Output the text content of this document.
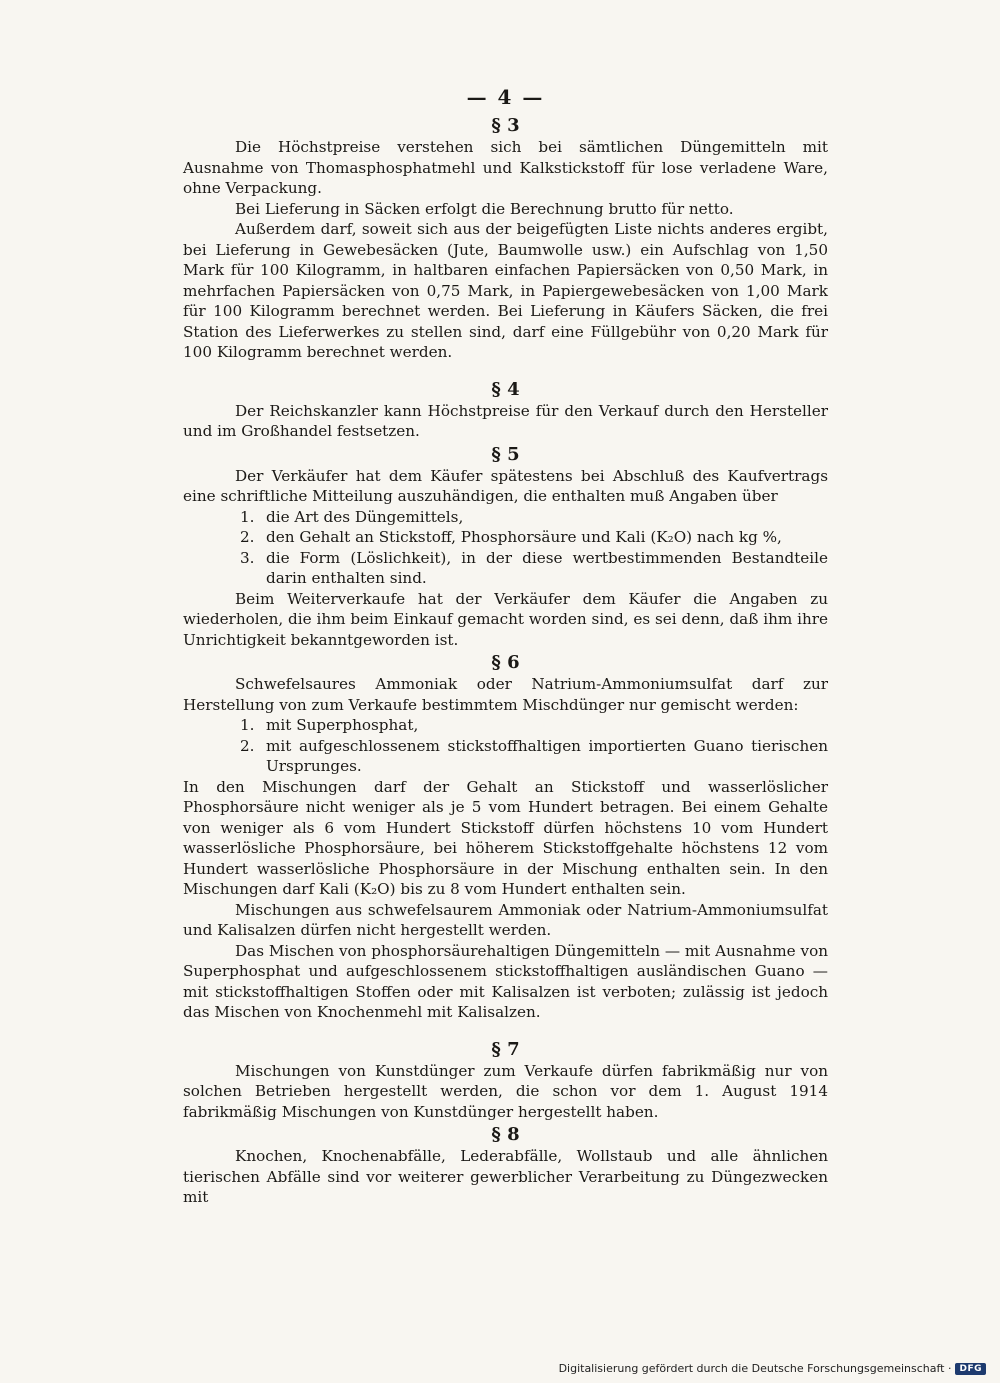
— 4 —
§ 3

Die Höchstpreise verstehen sich bei sämtlichen Düngemitteln mit Ausnahme von Thomasphosphatmehl und Kalkstickstoff für lose verladene Ware, ohne Verpackung.

Bei Lieferung in Säcken erfolgt die Berechnung brutto für netto.

Außerdem darf, soweit sich aus der beigefügten Liste nichts anderes ergibt, bei Lieferung in Gewebesäcken (Jute, Baumwolle usw.) ein Aufschlag von 1,50 Mark für 100 Kilogramm, in haltbaren einfachen Papiersäcken von 0,50 Mark, in mehrfachen Papiersäcken von 0,75 Mark, in Papiergewebesäcken von 1,00 Mark für 100 Kilogramm berechnet werden. Bei Lieferung in Käufers Säcken, die frei Station des Lieferwerkes zu stellen sind, darf eine Füllgebühr von 0,20 Mark für 100 Kilogramm berechnet werden.

§ 4

Der Reichskanzler kann Höchstpreise für den Verkauf durch den Hersteller und im Großhandel festsetzen.

§ 5

Der Verkäufer hat dem Käufer spätestens bei Abschluß des Kaufvertrags eine schriftliche Mitteilung auszuhändigen, die enthalten muß Angaben über

1. die Art des Düngemittels,
2. den Gehalt an Stickstoff, Phosphorsäure und Kali (K₂O) nach kg %,
3. die Form (Löslichkeit), in der diese wertbestimmenden Bestandteile darin enthalten sind.

Beim Weiterverkaufe hat der Verkäufer dem Käufer die Angaben zu wiederholen, die ihm beim Einkauf gemacht worden sind, es sei denn, daß ihm ihre Unrichtigkeit bekanntgeworden ist.

§ 6

Schwefelsaures Ammoniak oder Natrium-Ammoniumsulfat darf zur Herstellung von zum Verkaufe bestimmtem Mischdünger nur gemischt werden:

1. mit Superphosphat,
2. mit aufgeschlossenem stickstoffhaltigen importierten Guano tierischen Ursprunges.

In den Mischungen darf der Gehalt an Stickstoff und wasserlöslicher Phosphorsäure nicht weniger als je 5 vom Hundert betragen. Bei einem Gehalte von weniger als 6 vom Hundert Stickstoff dürfen höchstens 10 vom Hundert wasserlösliche Phosphorsäure, bei höherem Stickstoffgehalte höchstens 12 vom Hundert wasserlösliche Phosphorsäure in der Mischung enthalten sein. In den Mischungen darf Kali (K₂O) bis zu 8 vom Hundert enthalten sein.

Mischungen aus schwefelsaurem Ammoniak oder Natrium-Ammoniumsulfat und Kalisalzen dürfen nicht hergestellt werden.

Das Mischen von phosphorsäurehaltigen Düngemitteln — mit Ausnahme von Superphosphat und aufgeschlossenem stickstoffhaltigen ausländischen Guano — mit stickstoffhaltigen Stoffen oder mit Kalisalzen ist verboten; zulässig ist jedoch das Mischen von Knochenmehl mit Kalisalzen.

§ 7

Mischungen von Kunstdünger zum Verkaufe dürfen fabrikmäßig nur von solchen Betrieben hergestellt werden, die schon vor dem 1. August 1914 fabrikmäßig Mischungen von Kunstdünger hergestellt haben.

§ 8

Knochen, Knochenabfälle, Lederabfälle, Wollstaub und alle ähnlichen tierischen Abfälle sind vor weiterer gewerblicher Verarbeitung zu Düngezwecken mit

Digitalisierung gefördert durch die Deutsche Forschungsgemeinschaft · DFG
